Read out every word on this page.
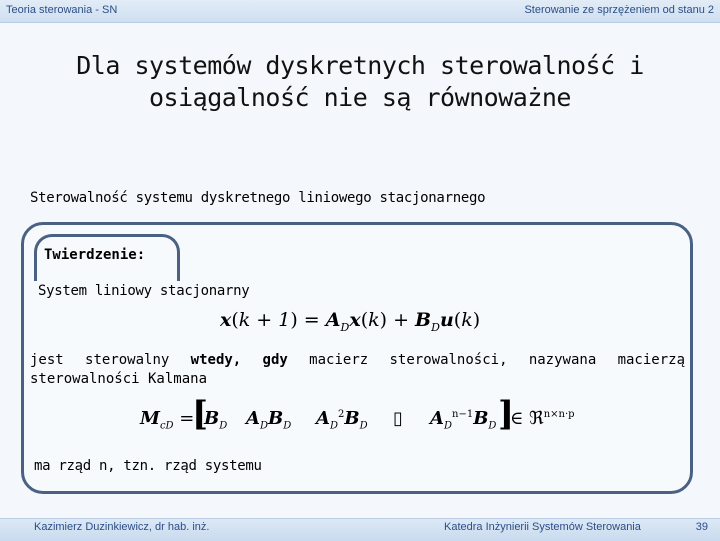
Teoria sterowania - SN	Sterowanie ze sprzężeniem od stanu 2
Dla systemów dyskretnych sterowalność i
osiągalność nie są równoważne
Sterowalność systemu dyskretnego liniowego stacjonarnego
Twierdzenie:
System liniowy stacjonarny
$x(k + 1) = A_Dx(k) + B_Du(k)$
jest sterowalny wtedy, gdy macierz sterowalności, nazywana macierzą
sterowalności Kalmana
$M_{cD}$ =
[
$B_D$ $A_DB_D$ $A_D^2B_D$ ▯ $A_D^{n-1}B_D$ ]
∈ ℜ$^{n\times n\cdot p}$
ma rząd n, tzn. rząd systemu
Kazimierz Duzinkiewicz, dr hab. inż.	Katedra Inżynierii Systemów Sterowania	39
